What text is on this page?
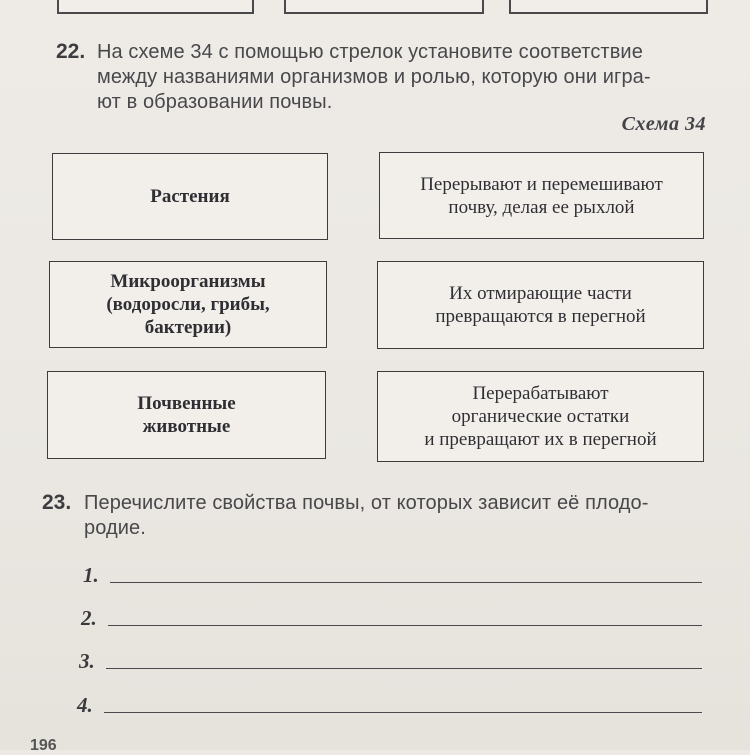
22. На схеме 34 с помощью стрелок установите соответствие
между названиями организмов и ролью, которую они игра-
ют в образовании почвы.
Схема 34
Растения
Микроорганизмы
(водоросли, грибы,
бактерии)
Почвенные
животные
Перерывают и перемешивают
почву, делая ее рыхлой
Их отмирающие части
превращаются в перегной
Перерабатывают
органические остатки
и превращают их в перегной
23. Перечислите свойства почвы, от которых зависит её плодо-
родие.
1.
2.
3.
4.
196
